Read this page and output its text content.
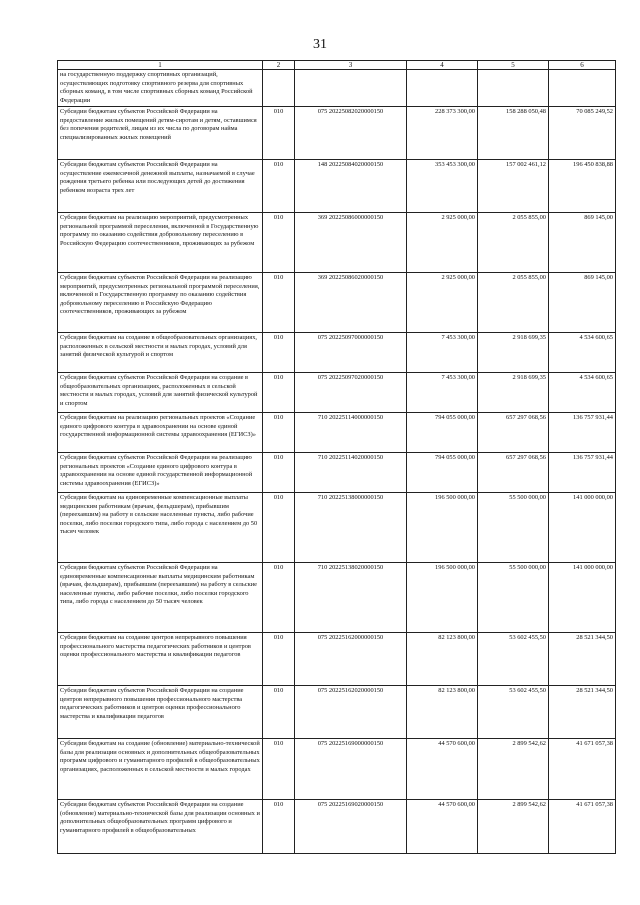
31
1	2	3	4	5	6
на государственную поддержку спортивных организаций, осуществляющих подготовку спортивного резерва для спортивных сборных команд, в том числе спортивных сборных команд Российской Федерации					
Субсидии бюджетам субъектов Российской Федерации на предоставление жилых помещений детям-сиротам и детям, оставшимся без попечения родителей, лицам из их числа по договорам найма специализированных жилых помещений	010	075 20225082020000150	228 373 300,00	158 288 050,48	70 085 249,52
Субсидии бюджетам субъектов Российской Федерации на осуществление ежемесячной денежной выплаты, назначаемой в случае рождения третьего ребенка или последующих детей до достижения ребенком возраста трех лет	010	148 20225084020000150	353 453 300,00	157 002 461,12	196 450 838,88
Субсидии бюджетам на реализацию мероприятий, предусмотренных региональной программой переселения, включенной в Государственную программу по оказанию содействия добровольному переселению в Российскую Федерацию соотечественников, проживающих за рубежом	010	369 20225086000000150	2 925 000,00	2 055 855,00	869 145,00
Субсидии бюджетам субъектов Российской Федерации на реализацию мероприятий, предусмотренных региональной программой переселения, включенной в Государственную программу по оказанию содействия добровольному переселению в Российскую Федерацию соотечественников, проживающих за рубежом	010	369 20225086020000150	2 925 000,00	2 055 855,00	869 145,00
Субсидии бюджетам на создание в общеобразовательных организациях, расположенных в сельской местности и малых городах, условий для занятий физической культурой и спортом	010	075 20225097000000150	7 453 300,00	2 918 699,35	4 534 600,65
Субсидии бюджетам субъектов Российской Федерации на создание в общеобразовательных организациях, расположенных в сельской местности и малых городах, условий для занятий физической культурой и спортом	010	075 20225097020000150	7 453 300,00	2 918 699,35	4 534 600,65
Субсидии бюджетам на реализацию региональных проектов «Создание единого цифрового контура в здравоохранении на основе единой государственной информационной системы здравоохранения (ЕГИСЗ)»	010	710 20225114000000150	794 055 000,00	657 297 068,56	136 757 931,44
Субсидии бюджетам субъектов Российской Федерации на реализацию региональных проектов «Создание единого цифрового контура в здравоохранении на основе единой государственной информационной системы здравоохранения (ЕГИСЗ)»	010	710 20225114020000150	794 055 000,00	657 297 068,56	136 757 931,44
Субсидии бюджетам на единовременные компенсационные выплаты медицинским работникам (врачам, фельдшерам), прибывшим (переехавшим) на работу в сельские населенные пункты, либо рабочие поселки, либо поселки городского типа, либо города с населением до 50 тысяч человек	010	710 20225138000000150	196 500 000,00	55 500 000,00	141 000 000,00
Субсидии бюджетам субъектов Российской Федерации на единовременные компенсационные выплаты медицинским работникам (врачам, фельдшерам), прибывшим (переехавшим) на работу в сельские населенные пункты, либо рабочие поселки, либо поселки городского типа, либо города с населением до 50 тысяч человек	010	710 20225138020000150	196 500 000,00	55 500 000,00	141 000 000,00
Субсидии бюджетам на создание центров непрерывного повышения профессионального мастерства педагогических работников и центров оценки профессионального мастерства и квалификации педагогов	010	075 20225162000000150	82 123 800,00	53 602 455,50	28 521 344,50
Субсидии бюджетам субъектов Российской Федерации на создание центров непрерывного повышения профессионального мастерства педагогических работников и центров оценки профессионального мастерства и квалификации педагогов	010	075 20225162020000150	82 123 800,00	53 602 455,50	28 521 344,50
Субсидии бюджетам на создание (обновление) материально-технической базы для реализации основных и дополнительных общеобразовательных программ цифрового и гуманитарного профилей в общеобразовательных организациях, расположенных в сельской местности и малых городах	010	075 20225169000000150	44 570 600,00	2 899 542,62	41 671 057,38
Субсидии бюджетам субъектов Российской Федерации на создание (обновление) материально-технической базы для реализации основных и дополнительных общеобразовательных программ цифрового и гуманитарного профилей в общеобразовательных	010	075 20225169020000150	44 570 600,00	2 899 542,62	41 671 057,38
